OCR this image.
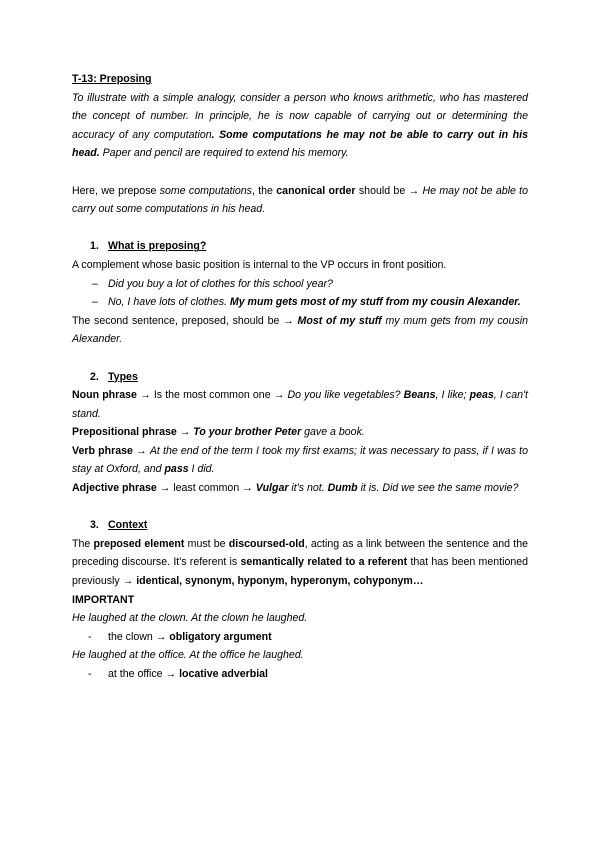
T-13: Preposing

To illustrate with a simple analogy, consider a person who knows arithmetic, who has mastered the concept of number. In principle, he is now capable of carrying out or determining the accuracy of any computation. Some computations he may not be able to carry out in his head. Paper and pencil are required to extend his memory.

Here, we prepose some computations, the canonical order should be → He may not be able to carry out some computations in his head.

1. What is preposing?

A complement whose basic position is internal to the VP occurs in front position.

– Did you buy a lot of clothes for this school year?
– No, I have lots of clothes. My mum gets most of my stuff from my cousin Alexander.

The second sentence, preposed, should be → Most of my stuff my mum gets from my cousin Alexander.

2. Types

Noun phrase → Is the most common one → Do you like vegetables? Beans, I like; peas, I can't stand.

Prepositional phrase → To your brother Peter gave a book.

Verb phrase → At the end of the term I took my first exams; it was necessary to pass, if I was to stay at Oxford, and pass I did.

Adjective phrase → least common → Vulgar it's not. Dumb it is. Did we see the same movie?

3. Context

The preposed element must be discoursed-old, acting as a link between the sentence and the preceding discourse. It's referent is semantically related to a referent that has been mentioned previously → identical, synonym, hyponym, hyperonym, cohyponym…

IMPORTANT

He laughed at the clown. At the clown he laughed.

-	the clown → obligatory argument

He laughed at the office. At the office he laughed.

-	at the office → locative adverbial
